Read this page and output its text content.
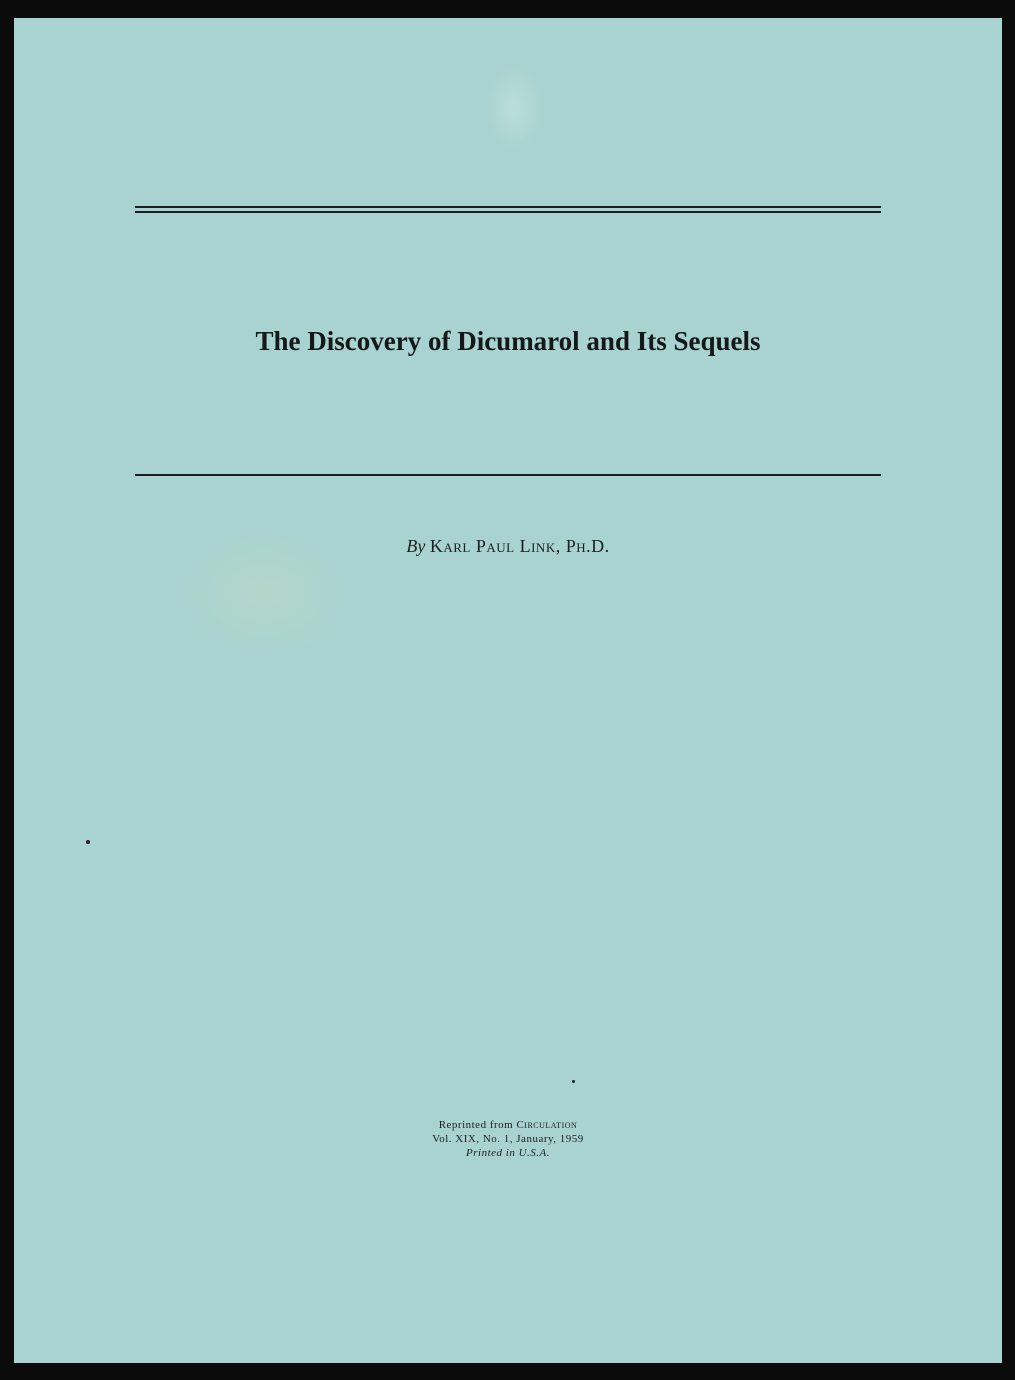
The Discovery of Dicumarol and Its Sequels
By Karl Paul Link, Ph.D.
Reprinted from Circulation
Vol. XIX, No. 1, January, 1959
Printed in U.S.A.
